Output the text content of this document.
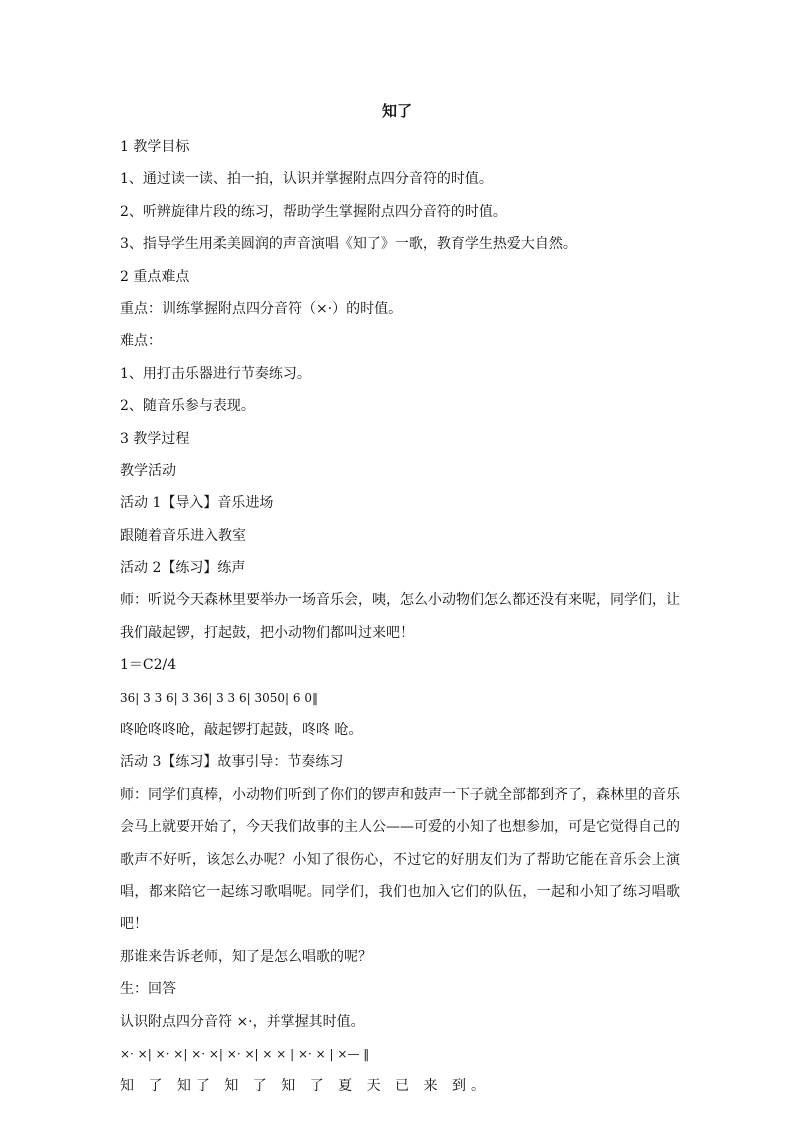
知了

1 教学目标

1、通过读一读、拍一拍，认识并掌握附点四分音符的时值。

2、听辨旋律片段的练习，帮助学生掌握附点四分音符的时值。

3、指导学生用柔美圆润的声音演唱《知了》一歌，教育学生热爱大自然。

2 重点难点

重点：训练掌握附点四分音符（×·）的时值。

难点：

1、用打击乐器进行节奏练习。

2、随音乐参与表现。

3 教学过程

教学活动

活动 1【导入】音乐进场

跟随着音乐进入教室

活动 2【练习】练声

师：听说今天森林里要举办一场音乐会，咦，怎么小动物们怎么都还没有来呢，同学们，让我们敲起锣，打起鼓，把小动物们都叫过来吧！

1＝C2/4

36| 3 3 6| 3 36| 3 3 6| 3050| 6 0‖

咚呛咚咚呛，敲起锣打起鼓，咚咚 呛。

活动 3【练习】故事引导：节奏练习

师：同学们真棒，小动物们听到了你们的锣声和鼓声一下子就全部都到齐了，森林里的音乐会马上就要开始了，今天我们故事的主人公——可爱的小知了也想参加，可是它觉得自己的歌声不好听，该怎么办呢？小知了很伤心，不过它的好朋友们为了帮助它能在音乐会上演唱，都来陪它一起练习歌唱呢。同学们，我们也加入它们的队伍，一起和小知了练习唱歌吧！

那谁来告诉老师，知了是怎么唱歌的呢？

生：回答

认识附点四分音符 ×·，并掌握其时值。

×· ×| ×· ×| ×· ×| ×· ×| × × | ×· × | ×— ‖

知 了 知了 知 了 知 了 夏 天 已 来 到。
